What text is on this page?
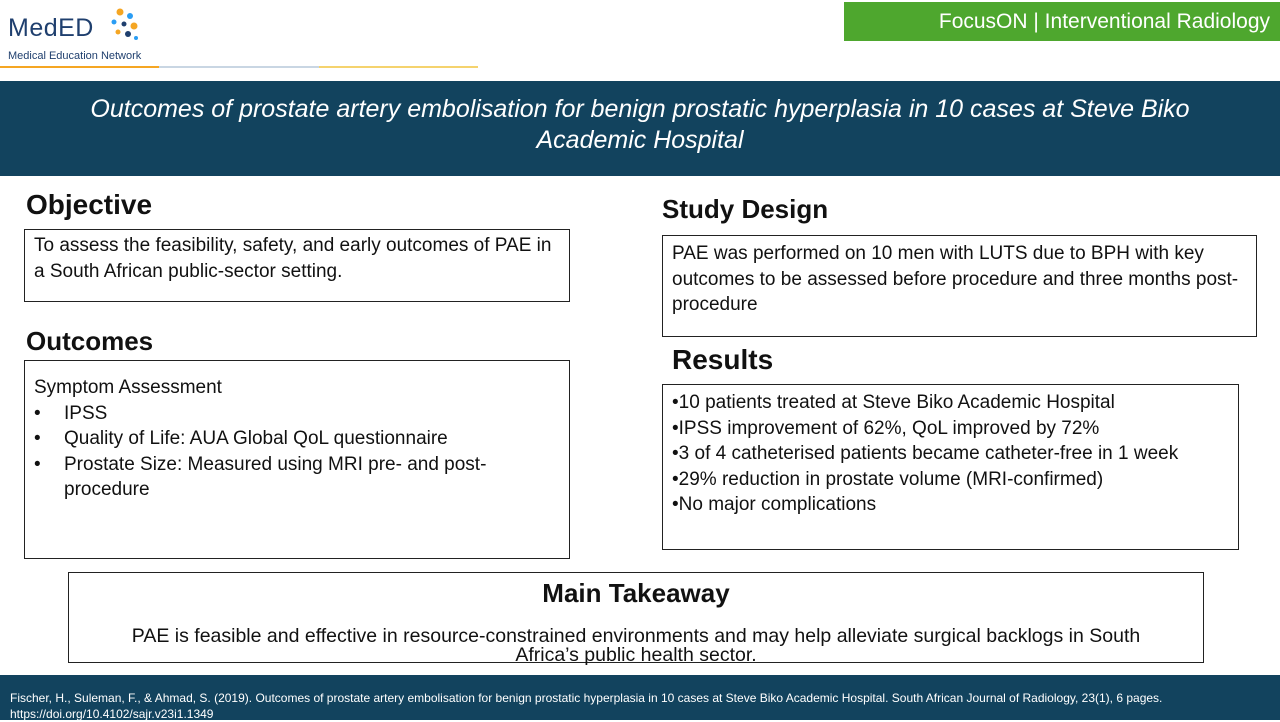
MedED
Medical Education Network
FocusON | Interventional Radiology
Outcomes of prostate artery embolisation for benign prostatic hyperplasia in 10 cases at Steve Biko Academic Hospital
Objective
To assess the feasibility, safety, and early outcomes of PAE in a South African public-sector setting.
Outcomes
Symptom Assessment
• IPSS
• Quality of Life: AUA Global QoL questionnaire
• Prostate Size: Measured using MRI pre- and post-procedure
Study Design
PAE was performed on 10 men with LUTS due to BPH with key outcomes to be assessed before procedure and three months post-procedure
Results
• 10 patients treated at Steve Biko Academic Hospital
• IPSS improvement of 62%, QoL improved by 72%
• 3 of 4 catheterised patients became catheter-free in 1 week
• 29% reduction in prostate volume (MRI-confirmed)
• No major complications
Main Takeaway
PAE is feasible and effective in resource-constrained environments and may help alleviate surgical backlogs in South Africa’s public health sector.
Fischer, H., Suleman, F., & Ahmad, S. (2019). Outcomes of prostate artery embolisation for benign prostatic hyperplasia in 10 cases at Steve Biko Academic Hospital. South African Journal of Radiology, 23(1), 6 pages.
https://doi.org/10.4102/sajr.v23i1.1349
